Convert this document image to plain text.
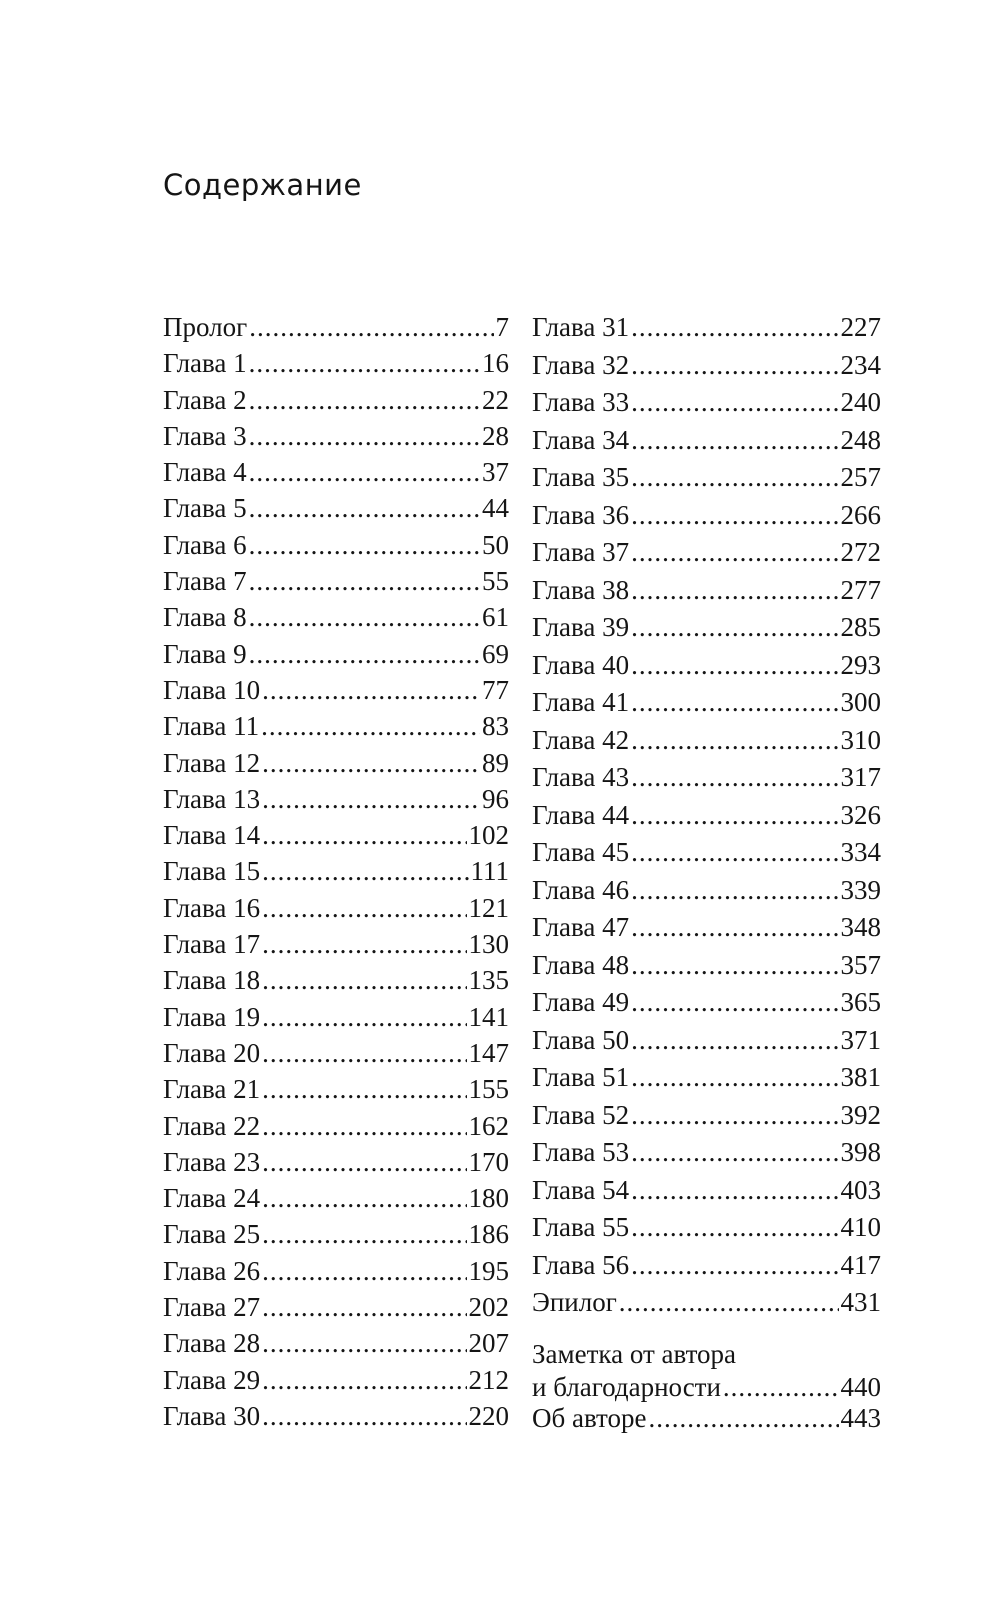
Содержание
Пролог .....	7
Глава 1 .....	16
Глава 2 .....	22
Глава 3 .....	28
Глава 4 .....	37
Глава 5 .....	44
Глава 6 .....	50
Глава 7 .....	55
Глава 8 .....	61
Глава 9 .....	69
Глава 10 .....	77
Глава 11 .....	83
Глава 12 .....	89
Глава 13 .....	96
Глава 14 .....	102
Глава 15 .....	111
Глава 16 .....	121
Глава 17 .....	130
Глава 18 .....	135
Глава 19 .....	141
Глава 20 .....	147
Глава 21 .....	155
Глава 22 .....	162
Глава 23 .....	170
Глава 24 .....	180
Глава 25 .....	186
Глава 26 .....	195
Глава 27 .....	202
Глава 28 .....	207
Глава 29 .....	212
Глава 30 .....	220
Глава 31 .....	227
Глава 32 .....	234
Глава 33 .....	240
Глава 34 .....	248
Глава 35 .....	257
Глава 36 .....	266
Глава 37 .....	272
Глава 38 .....	277
Глава 39 .....	285
Глава 40 .....	293
Глава 41 .....	300
Глава 42 .....	310
Глава 43 .....	317
Глава 44 .....	326
Глава 45 .....	334
Глава 46 .....	339
Глава 47 .....	348
Глава 48 .....	357
Глава 49 .....	365
Глава 50 .....	371
Глава 51 .....	381
Глава 52 .....	392
Глава 53 .....	398
Глава 54 .....	403
Глава 55 .....	410
Глава 56 .....	417
Эпилог .....	431
Заметка от автора
и благодарности .....	440
Об авторе .....	443
